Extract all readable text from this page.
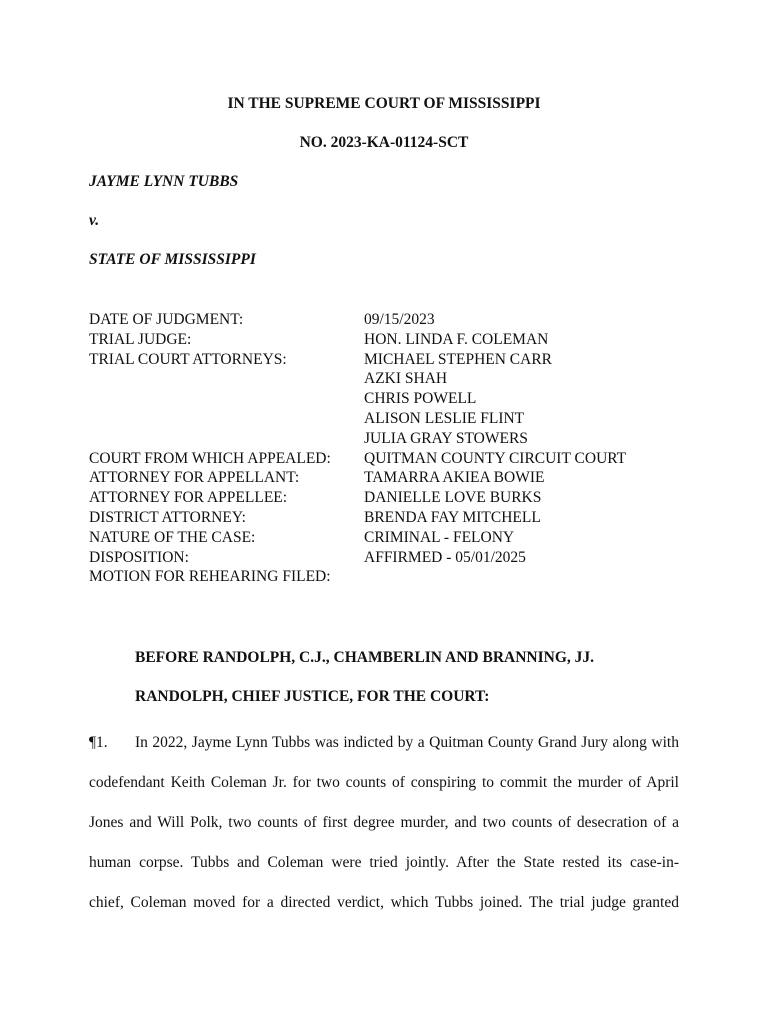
IN THE SUPREME COURT OF MISSISSIPPI
NO. 2023-KA-01124-SCT
JAYME LYNN TUBBS
v.
STATE OF MISSISSIPPI
DATE OF JUDGMENT:	09/15/2023
TRIAL JUDGE:	HON. LINDA F. COLEMAN
TRIAL COURT ATTORNEYS:	MICHAEL STEPHEN CARR
AZKI SHAH
CHRIS POWELL
ALISON LESLIE FLINT
JULIA GRAY STOWERS
COURT FROM WHICH APPEALED:	QUITMAN COUNTY CIRCUIT COURT
ATTORNEY FOR APPELLANT:	TAMARRA AKIEA BOWIE
ATTORNEY FOR APPELLEE:	DANIELLE LOVE BURKS
DISTRICT ATTORNEY:	BRENDA FAY MITCHELL
NATURE OF THE CASE:	CRIMINAL - FELONY
DISPOSITION:	AFFIRMED - 05/01/2025
MOTION FOR REHEARING FILED:
BEFORE RANDOLPH, C.J., CHAMBERLIN AND BRANNING, JJ.
RANDOLPH, CHIEF JUSTICE, FOR THE COURT:
¶1.	In 2022, Jayme Lynn Tubbs was indicted by a Quitman County Grand Jury along with
codefendant Keith Coleman Jr. for two counts of conspiring to commit the murder of April
Jones and Will Polk, two counts of first degree murder, and two counts of desecration of a
human corpse. Tubbs and Coleman were tried jointly. After the State rested its case-in-
chief, Coleman moved for a directed verdict, which Tubbs joined. The trial judge granted
